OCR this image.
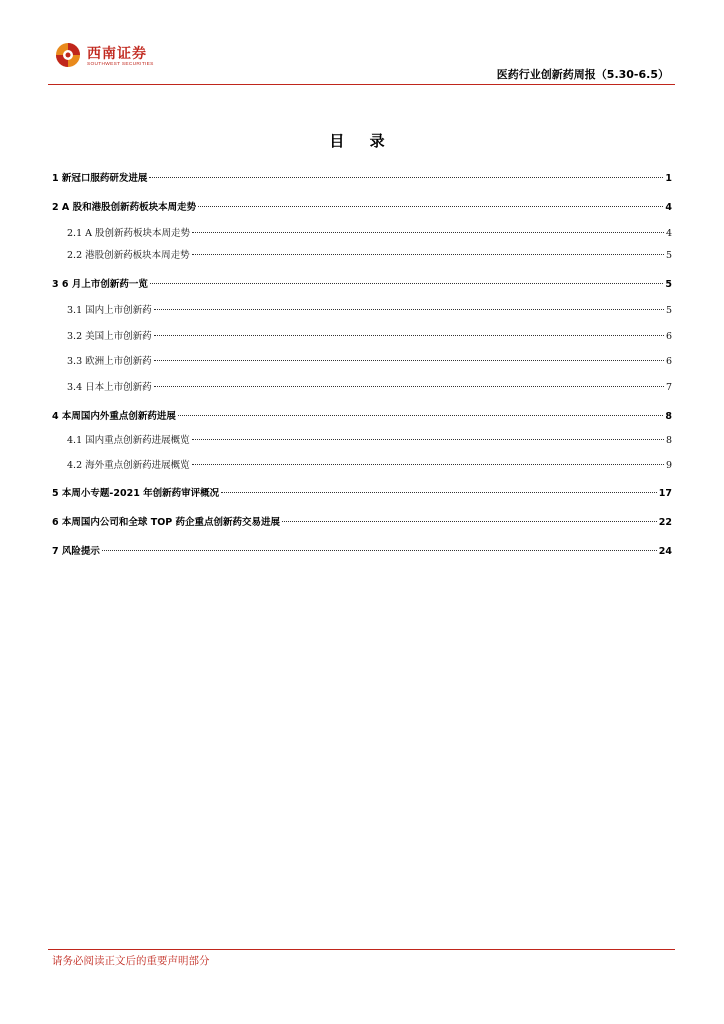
西南证券
SOUTHWEST SECURITIES
医药行业创新药周报（5.30-6.5）
目 录
1 新冠口服药研发进展	1
2 A 股和港股创新药板块本周走势	4
2.1 A 股创新药板块本周走势	4
2.2 港股创新药板块本周走势	5
3 6 月上市创新药一览	5
3.1 国内上市创新药	5
3.2 美国上市创新药	6
3.3 欧洲上市创新药	6
3.4 日本上市创新药	7
4 本周国内外重点创新药进展	8
4.1 国内重点创新药进展概览	8
4.2 海外重点创新药进展概览	9
5 本周小专题-2021 年创新药审评概况	17
6 本周国内公司和全球 TOP 药企重点创新药交易进展	22
7 风险提示	24
请务必阅读正文后的重要声明部分
